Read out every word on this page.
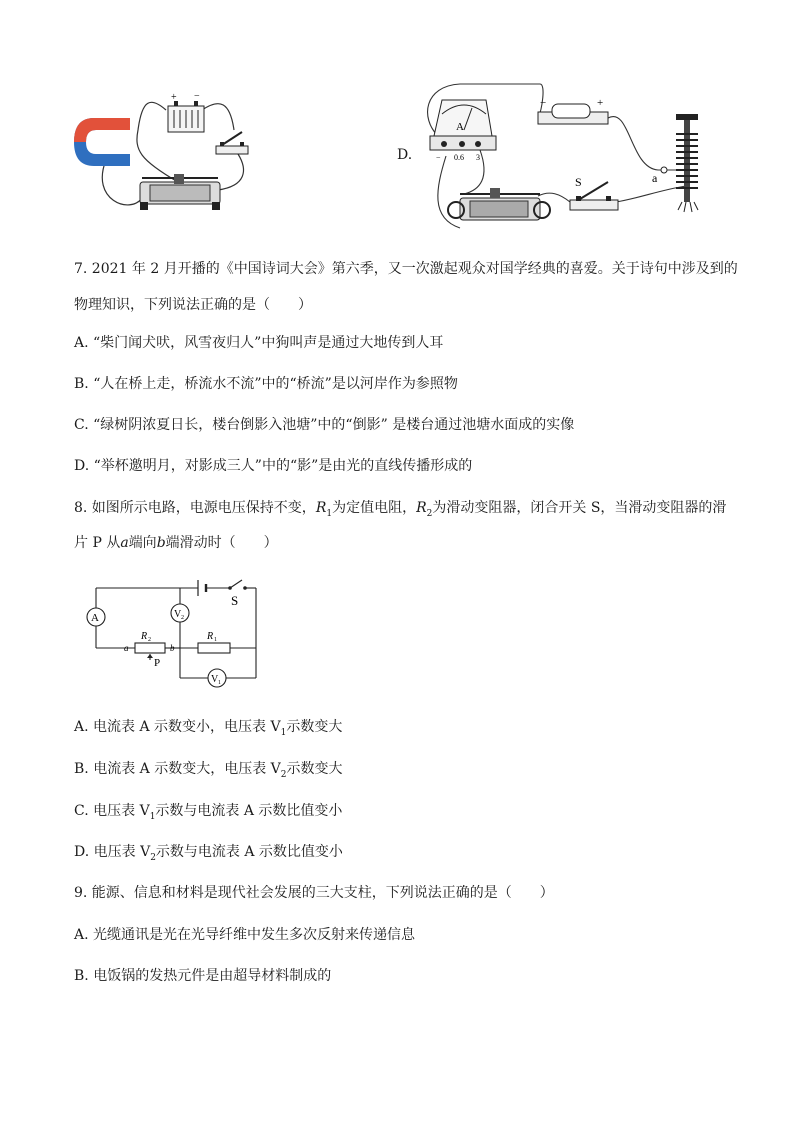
+ −
D.
A
− 0.6 3
−	+
S	a
7. 2021 年 2 月开播的《中国诗词大会》第六季，又一次激起观众对国学经典的喜爱。关于诗句中涉及到的
物理知识，下列说法正确的是（　　）
A. “柴门闻犬吠，风雪夜归人”中狗叫声是通过大地传到人耳
B. “人在桥上走，桥流水不流”中的“桥流”是以河岸作为参照物
C. “绿树阴浓夏日长，楼台倒影入池塘”中的“倒影” 是楼台通过池塘水面成的实像
D. “举杯邀明月，对影成三人”中的“影”是由光的直线传播形成的
8. 如图所示电路，电源电压保持不变，$R_1$为定值电阻，$R_2$为滑动变阻器，闭合开关 S，当滑动变阻器的滑
片 P 从a端向b端滑动时（　　）
S
A	V 2
R 2
a	b
P
R 1
V 1
A. 电流表 A 示数变小，电压表 $V_1$示数变大
B. 电流表 A 示数变大，电压表 $V_2$示数变大
C. 电压表 $V_1$示数与电流表 A 示数比值变小
D. 电压表 $V_2$示数与电流表 A 示数比值变小
9. 能源、信息和材料是现代社会发展的三大支柱，下列说法正确的是（　　）
A. 光缆通讯是光在光导纤维中发生多次反射来传递信息
B. 电饭锅的发热元件是由超导材料制成的
